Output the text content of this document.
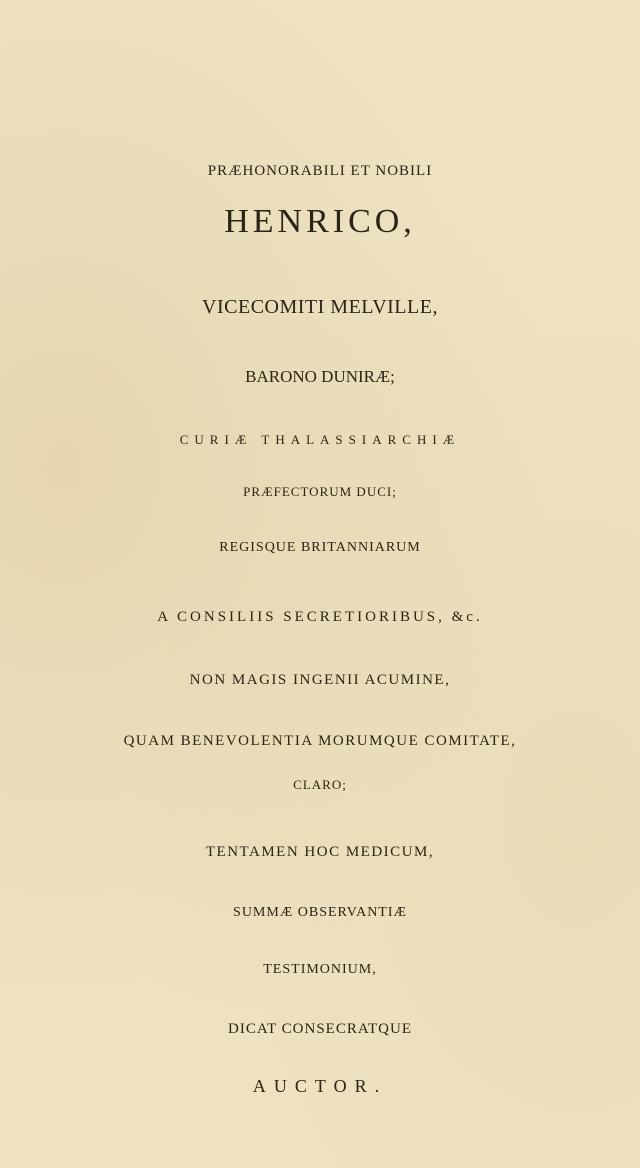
PRÆHONORABILI ET NOBILI
HENRICO,
VICECOMITI MELVILLE,
BARONO DUNIRÆ;
CURIÆ THALASSIARCHIÆ
PRÆFECTORUM DUCI;
REGISQUE BRITANNIARUM
A CONSILIIS SECRETIORIBUS, &c.
NON MAGIS INGENII ACUMINE,
QUAM BENEVOLENTIA MORUMQUE COMITATE,
CLARO;
TENTAMEN HOC MEDICUM,
SUMMÆ OBSERVANTIÆ
TESTIMONIUM,
DICAT CONSECRATQUE
AUCTOR.
